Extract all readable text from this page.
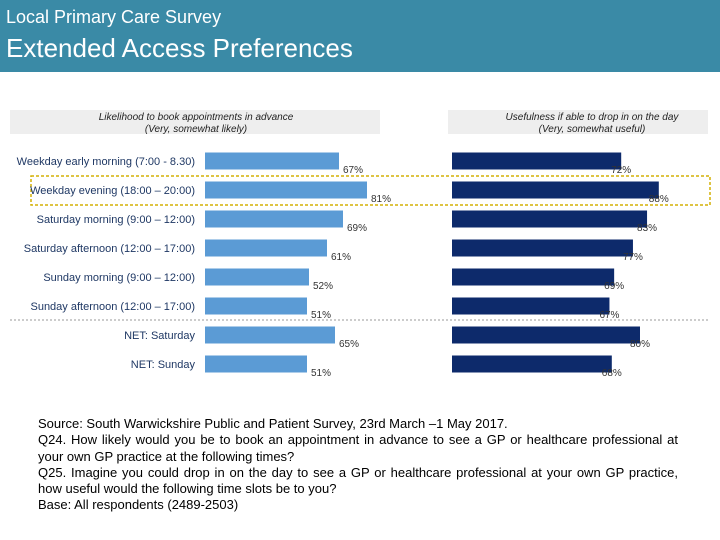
Local Primary Care Survey
Extended Access Preferences
Likelihood to book appointments in advance
(Very, somewhat likely)
Usefulness if able to drop in on the day
(Very, somewhat useful)
Weekday early morning (7:00 - 8.30)
67%	72%
Weekday evening (18:00 – 20:00)
81%	88%
Saturday morning (9:00 – 12:00)
69%	83%
Saturday afternoon (12:00 – 17:00)
61%	77%
Sunday morning (9:00 – 12:00)
52%	69%
Sunday afternoon (12:00 – 17:00)
51%	67%
NET: Saturday
65%	80%
NET: Sunday
51%	68%
Source: South Warwickshire Public and Patient Survey, 23rd March –1 May 2017.
Q24. How likely would you be to book an appointment in advance to see a GP or healthcare professional at your own GP practice at the following times?
Q25. Imagine you could drop in on the day to see a GP or healthcare professional at your own GP practice, how useful would the following time slots be to you?
Base: All respondents (2489-2503)
